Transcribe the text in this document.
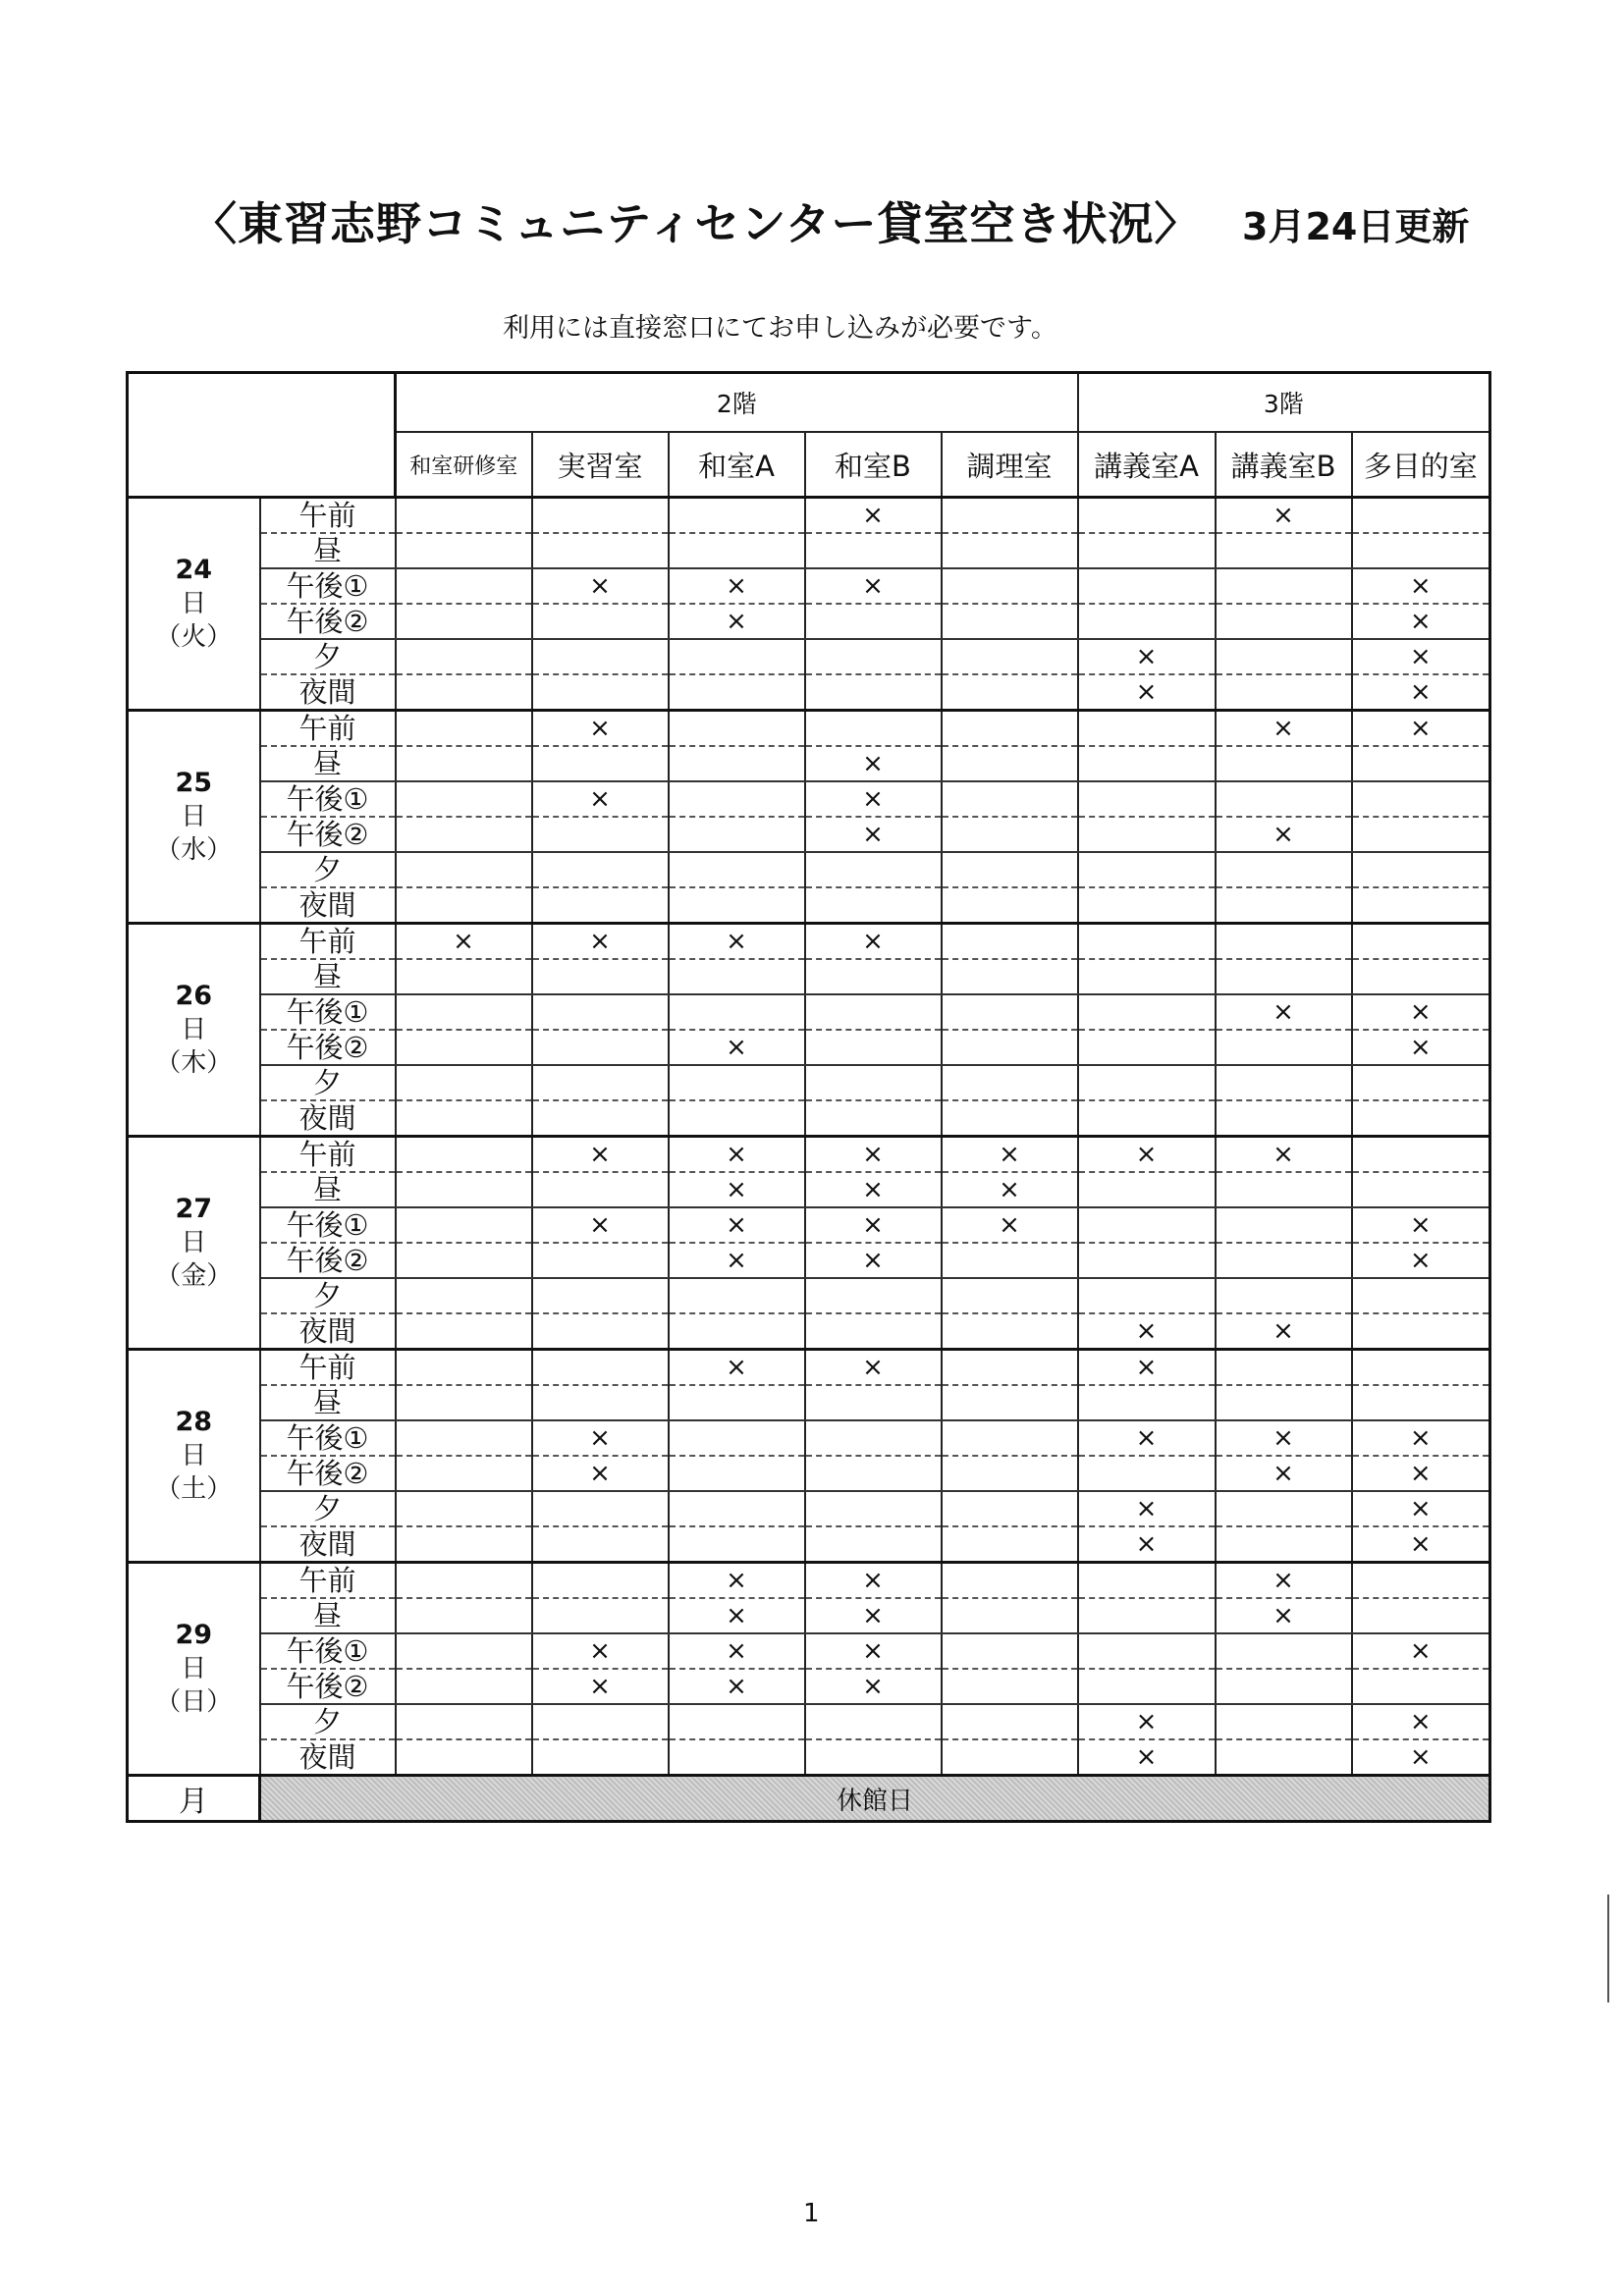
〈東習志野コミュニティセンター貸室空き状況〉 3月24日更新
利用には直接窓口にてお申し込みが必要です。
		2階					3階		
		和室研修室	実習室	和室A	和室B	調理室	講義室A	講義室B	多目的室

24
日
（火）	午前				×			×	
	昼								
	午後①		×	×	×				×
	午後②			×					×
	夕						×		×
	夜間						×		×

25
日
（水）	午前		×					×	×
	昼				×				
	午後①		×		×				
	午後②				×			×	
	夕								
	夜間								

26
日
（木）	午前	×	×	×	×				
	昼								
	午後①							×	×
	午後②			×					×
	夕								
	夜間								

27
日
（金）	午前		×	×	×	×	×	×	
	昼			×	×	×			
	午後①		×	×	×	×			×
	午後②			×	×				×
	夕								
	夜間						×	×	

28
日
（土）	午前			×	×		×		
	昼								
	午後①		×				×	×	×
	午後②		×					×	×
	夕						×		×
	夜間						×		×

29
日
（日）	午前			×	×			×	
	昼			×	×			×	
	午後①		×	×	×				×
	午後②		×	×	×				
	夕						×		×
	夜間						×		×
月	休館日								
1
